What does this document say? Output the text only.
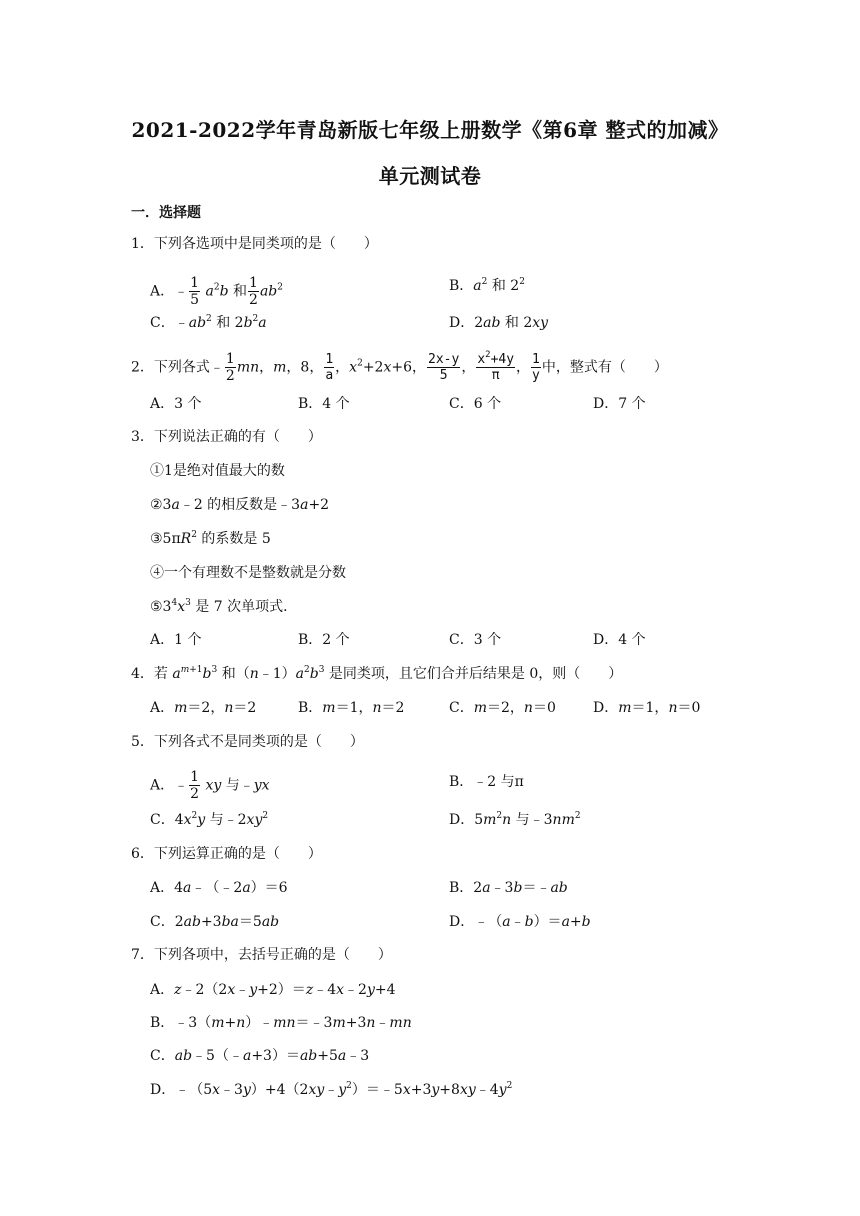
2021-2022学年青岛新版七年级上册数学《第6章 整式的加减》
单元测试卷
一．选择题
1．下列各选项中是同类项的是（　　）
A．﹣ $\frac{1}{5} a^2b$ 和 $\frac{1}{2} ab^2$	B．$a^2$ 和 $2^2$
C．$﹣ab^2$ 和 $2b^2a$	D．2ab 和 2xy
2．下列各式﹣ $\frac{1}{2}$ mn，m，8， $\frac{1}{a}$ ，$x^2+2x+6$， $\frac{2x-y}{5}$ ， $\frac{x^2+4y}{\pi}$ ， $\frac{1}{y}$ 中，整式有（　　）
A．3 个	B．4 个	C．6 个	D．7 个
3．下列说法正确的有（　　）
①1是绝对值最大的数
②3a﹣2 的相反数是﹣3a+2
$③5\pi R^2$ 的系数是 5
④一个有理数不是整数就是分数
$⑤3^4x^3$ 是 7 次单项式．
A．1 个	B．2 个	C．3 个	D．4 个
4．若 $a^{m+1}b^3$ 和$(n﹣1)a^2b^3$ 是同类项，且它们合并后结果是 0，则（　　）
A．m＝2，n＝2	B．m＝1，n＝2	C．m＝2，n＝0	D．m＝1，n＝0
5．下列各式不是同类项的是（　　）
A．﹣ $\frac{1}{2}$ xy 与﹣yx	B．﹣2 与π
C．$4x^2y$ 与$﹣2xy^2$	D．$5m^2n$ 与$﹣3nm^2$
6．下列运算正确的是（　　）
A．4a﹣（﹣2a）＝6	B．2a﹣3b＝﹣ab
C．2ab+3ba＝5ab	D．﹣（a﹣b）＝a+b
7．下列各项中，去括号正确的是（　　）
A．z﹣2（2x﹣y+2）＝z﹣4x﹣2y+4
B．﹣3（m+n）﹣mn＝﹣3m+3n﹣mn
C．ab﹣5（﹣a+3）＝ab+5a﹣3
D．$﹣(5x﹣3y)+4(2xy﹣y^2)=﹣5x+3y+8xy﹣4y^2$
